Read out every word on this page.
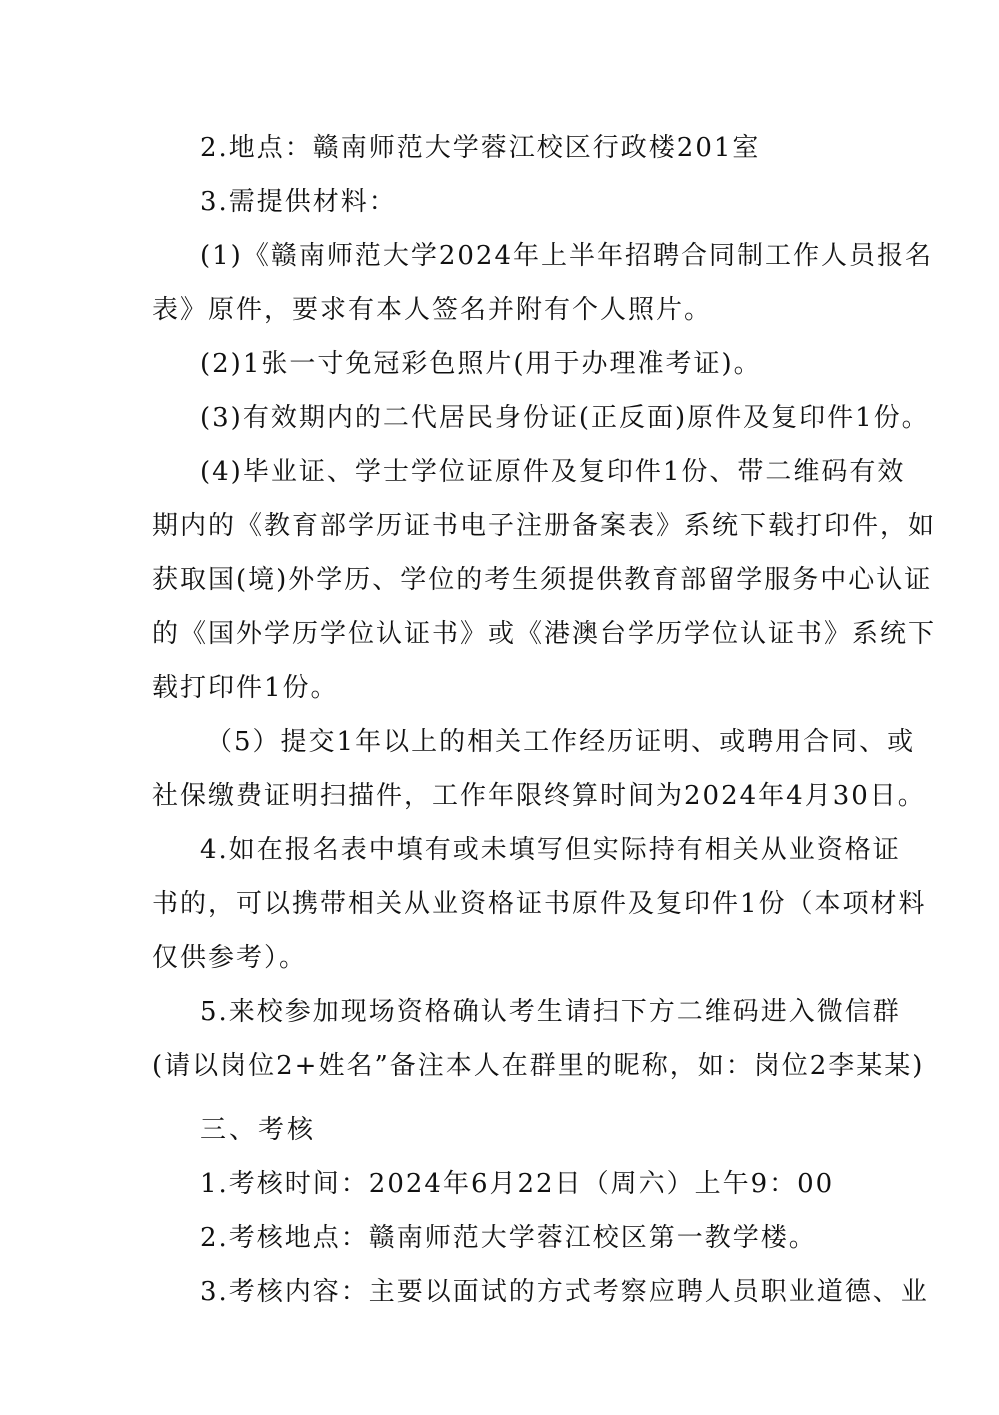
2.地点：赣南师范大学蓉江校区行政楼201室
3.需提供材料：
(1)《赣南师范大学2024年上半年招聘合同制工作人员报名
表》原件，要求有本人签名并附有个人照片。
(2)1张一寸免冠彩色照片(用于办理准考证)。
(3)有效期内的二代居民身份证(正反面)原件及复印件1份。
(4)毕业证、学士学位证原件及复印件1份、带二维码有效
期内的《教育部学历证书电子注册备案表》系统下载打印件，如
获取国(境)外学历、学位的考生须提供教育部留学服务中心认证
的《国外学历学位认证书》或《港澳台学历学位认证书》系统下
载打印件1份。
（5）提交1年以上的相关工作经历证明、或聘用合同、或
社保缴费证明扫描件，工作年限终算时间为2024年4月30日。
4.如在报名表中填有或未填写但实际持有相关从业资格证
书的，可以携带相关从业资格证书原件及复印件1份（本项材料
仅供参考）。
5.来校参加现场资格确认考生请扫下方二维码进入微信群
(请以岗位2+姓名”备注本人在群里的昵称，如：岗位2李某某)
三、考核
1.考核时间：2024年6月22日（周六）上午9：00
2.考核地点：赣南师范大学蓉江校区第一教学楼。
3.考核内容：主要以面试的方式考察应聘人员职业道德、业
